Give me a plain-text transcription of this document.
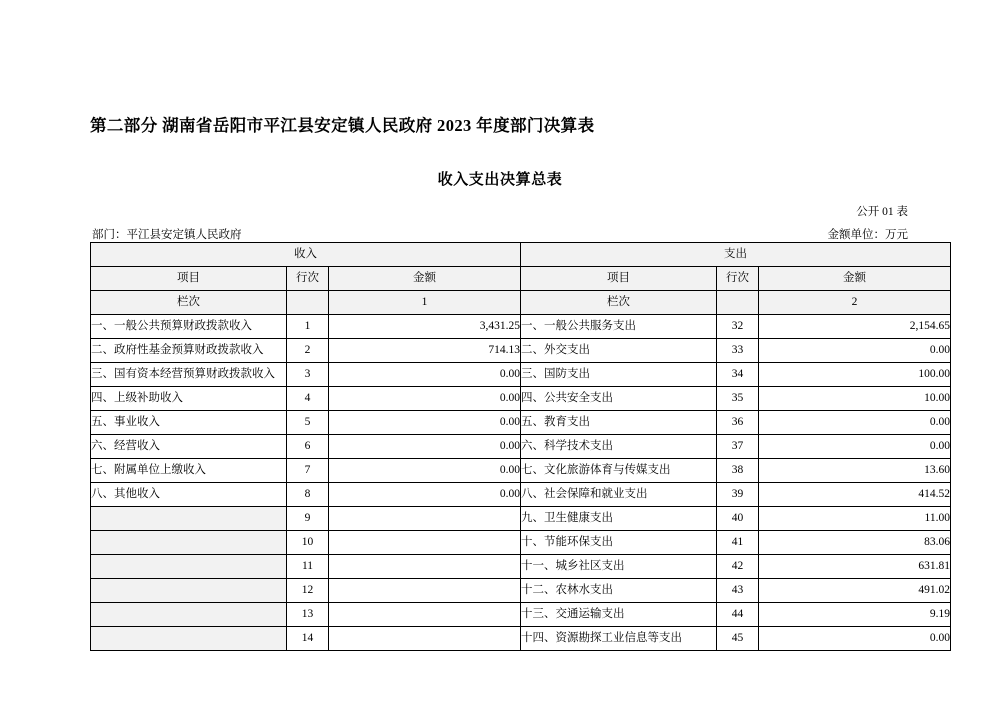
第二部分 湖南省岳阳市平江县安定镇人民政府 2023 年度部门决算表
收入支出决算总表
公开 01 表
部门：平江县安定镇人民政府	金额单位：万元
收入			支出		
项目	行次	金额	项目	行次	金额
栏次		1	栏次		2
一、一般公共预算财政拨款收入	1	3,431.25	一、一般公共服务支出	32	2,154.65
二、政府性基金预算财政拨款收入	2	714.13	二、外交支出	33	0.00
三、国有资本经营预算财政拨款收入	3	0.00	三、国防支出	34	100.00
四、上级补助收入	4	0.00	四、公共安全支出	35	10.00
五、事业收入	5	0.00	五、教育支出	36	0.00
六、经营收入	6	0.00	六、科学技术支出	37	0.00
七、附属单位上缴收入	7	0.00	七、文化旅游体育与传媒支出	38	13.60
八、其他收入	8	0.00	八、社会保障和就业支出	39	414.52
	9		九、卫生健康支出	40	11.00
	10		十、节能环保支出	41	83.06
	11		十一、城乡社区支出	42	631.81
	12		十二、农林水支出	43	491.02
	13		十三、交通运输支出	44	9.19
	14		十四、资源勘探工业信息等支出	45	0.00
